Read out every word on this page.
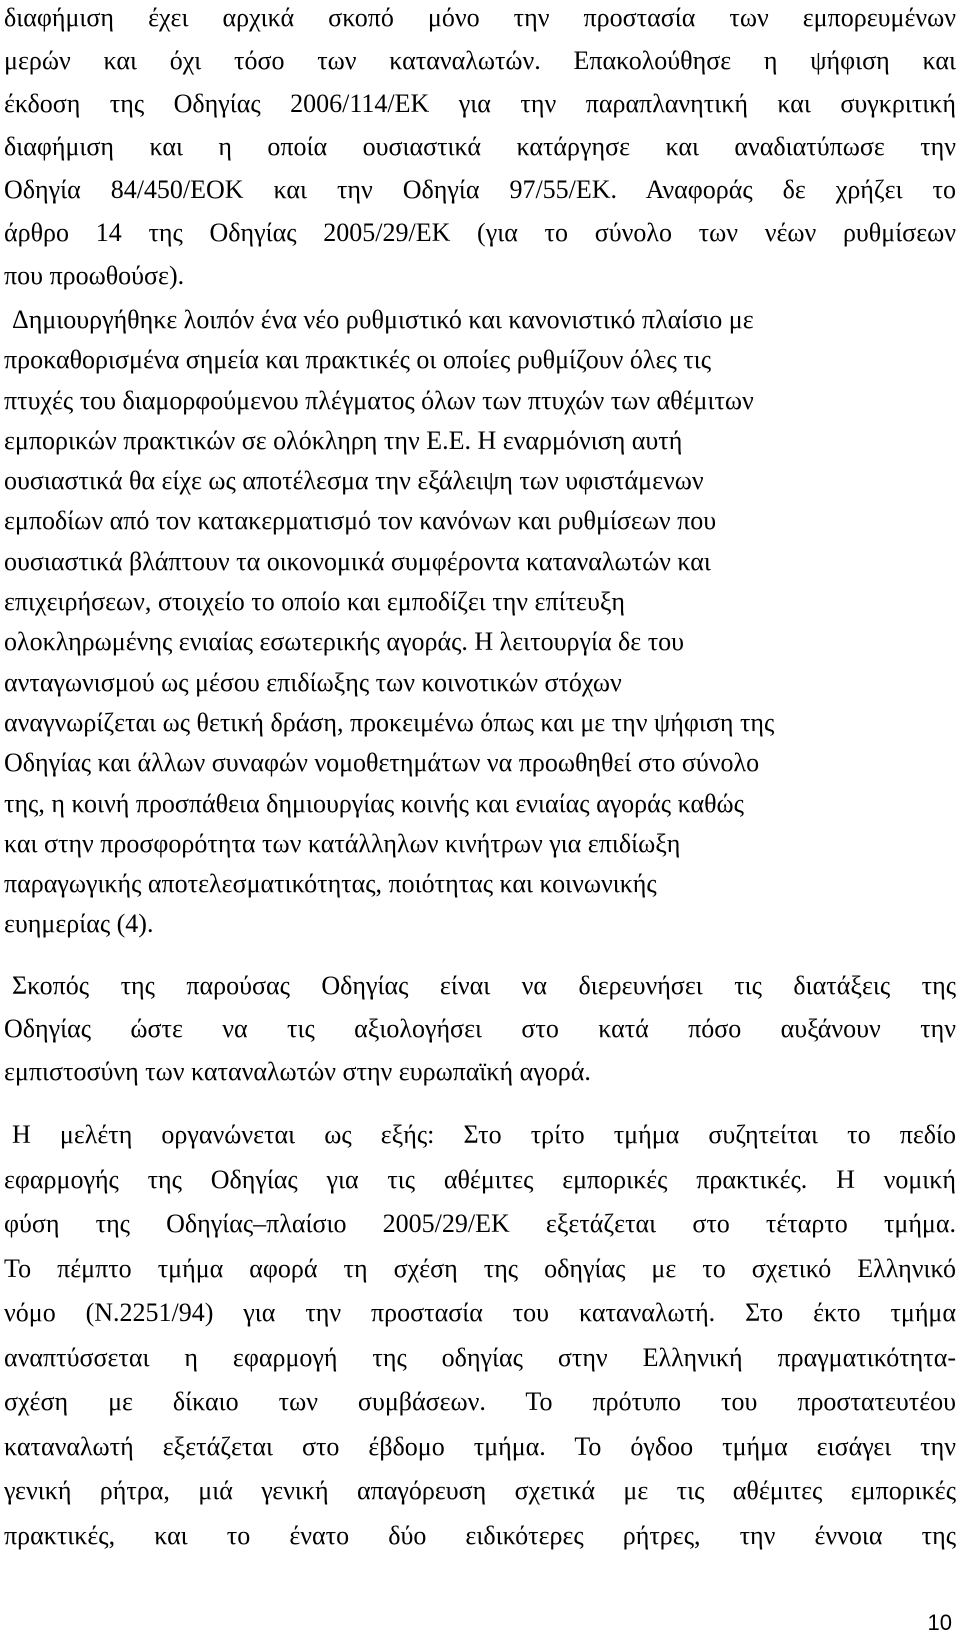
διαφήμιση έχει αρχικά σκοπό μόνο την προστασία των εμπορευμένων
μερών και όχι τόσο των καταναλωτών. Επακολούθησε η ψήφιση και
έκδοση της Οδηγίας 2006/114/ΕΚ για την παραπλανητική και συγκριτική
διαφήμιση και η οποία ουσιαστικά κατάργησε και αναδιατύπωσε την
Οδηγία 84/450/ΕΟΚ και την Οδηγία 97/55/ΕΚ. Αναφοράς δε χρήζει το
άρθρο 14 της Οδηγίας 2005/29/ΕΚ (για το σύνολο των νέων ρυθμίσεων
που προωθούσε).
Δημιουργήθηκε λοιπόν ένα νέο ρυθμιστικό και κανονιστικό πλαίσιο με
προκαθορισμένα σημεία και πρακτικές οι οποίες ρυθμίζουν όλες τις
πτυχές του διαμορφούμενου πλέγματος όλων των πτυχών των αθέμιτων
εμπορικών πρακτικών σε ολόκληρη την Ε.Ε. Η εναρμόνιση αυτή
ουσιαστικά θα είχε ως αποτέλεσμα την εξάλειψη των υφιστάμενων
εμποδίων από τον κατακερματισμό τον κανόνων και ρυθμίσεων που
ουσιαστικά βλάπτουν τα οικονομικά συμφέροντα καταναλωτών και
επιχειρήσεων, στοιχείο το οποίο και εμποδίζει την επίτευξη
ολοκληρωμένης ενιαίας εσωτερικής αγοράς. Η λειτουργία δε του
ανταγωνισμού ως μέσου επιδίωξης των κοινοτικών στόχων
αναγνωρίζεται ως θετική δράση, προκειμένω όπως και με την ψήφιση της
Οδηγίας και άλλων συναφών νομοθετημάτων να προωθηθεί στο σύνολο
της, η κοινή προσπάθεια δημιουργίας κοινής και ενιαίας αγοράς καθώς
και στην προσφορότητα των κατάλληλων κινήτρων για επιδίωξη
παραγωγικής αποτελεσματικότητας, ποιότητας και κοινωνικής
ευημερίας (4).
Σκοπός της παρούσας Οδηγίας είναι να διερευνήσει τις διατάξεις της
Οδηγίας ώστε να τις αξιολογήσει στο κατά πόσο αυξάνουν την
εμπιστοσύνη των καταναλωτών στην ευρωπαϊκή αγορά.
Η μελέτη οργανώνεται ως εξής: Στο τρίτο τμήμα συζητείται το πεδίο
εφαρμογής της Οδηγίας για τις αθέμιτες εμπορικές πρακτικές. Η νομική
φύση της Οδηγίας–πλαίσιο 2005/29/ΕΚ εξετάζεται στο τέταρτο τμήμα.
Το πέμπτο τμήμα αφορά τη σχέση της οδηγίας με το σχετικό Ελληνικό
νόμο (Ν.2251/94) για την προστασία του καταναλωτή. Στο έκτο τμήμα
αναπτύσσεται η εφαρμογή της οδηγίας στην Ελληνική πραγματικότητα-
σχέση με δίκαιο των συμβάσεων. Το πρότυπο του προστατευτέου
καταναλωτή εξετάζεται στο έβδομο τμήμα. Το όγδοο τμήμα εισάγει την
γενική ρήτρα, μιά γενική απαγόρευση σχετικά με τις αθέμιτες εμπορικές
πρακτικές, και το ένατο δύο ειδικότερες ρήτρες, την έννοια της
10
